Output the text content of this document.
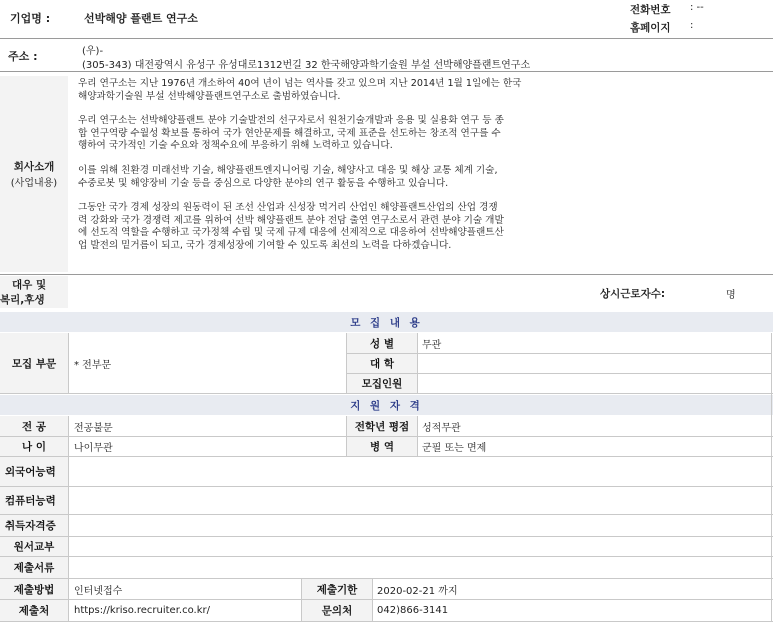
기업명 :	선박해양 플랜트 연구소
전화번호 : --
홈페이지 :
주소 :	(우)-
(305-343) 대전광역시 유성구 유성대로1312번길 32 한국해양과학기술원 부설 선박해양플랜트연구소
회사소개
(사업내용)
우리 연구소는 지난 1976년 개소하여 40여 년이 넘는 역사를 갖고 있으며 지난 2014년 1월 1일에는 한국
해양과학기술원 부설 선박해양플랜트연구소로 출범하였습니다.
우리 연구소는 선박해양플랜트 분야 기술발전의 선구자로서 원천기술개발과 응용 및 실용화 연구 등 종
합 연구역량 수월성 확보를 통하여 국가 현안문제를 해결하고, 국제 표준을 선도하는 창조적 연구를 수
행하여 국가적인 기술 수요와 정책수요에 부응하기 위해 노력하고 있습니다.
이를 위해 친환경 미래선박 기술, 해양플랜트엔지니어링 기술, 해양사고 대응 및 해상 교통 체계 기술,
수중로봇 및 해양장비 기술 등을 중심으로 다양한 분야의 연구 활동을 수행하고 있습니다.
그동안 국가 경제 성장의 원동력이 된 조선 산업과 신성장 먹거리 산업인 해양플랜트산업의 산업 경쟁
력 강화와 국가 경쟁력 제고를 위하여 선박 해양플랜트 분야 전담 출연 연구소로서 관련 분야 기술 개발
에 선도적 역할을 수행하고 국가정책 수립 및 국제 규제 대응에 선제적으로 대응하여 선박해양플랜트산
업 발전의 밑거름이 되고, 국가 경제성장에 기여할 수 있도록 최선의 노력을 다하겠습니다.
대우 및
복리,후생	상시근로자수:	명
모 집 내 용
모집 부문	* 전부문
성 별	무관
대 학
모집인원
지 원 자 격
전 공	전공불문	전학년 평점	성적무관
나 이	나이무관	병 역	군필 또는 면제
외국어능력
컴퓨터능력
취득자격증
원서교부
제출서류
제출방법	인터넷접수	제출기한	2020-02-21 까지
제출처	https://kriso.recruiter.co.kr/	문의처	042)866-3141
